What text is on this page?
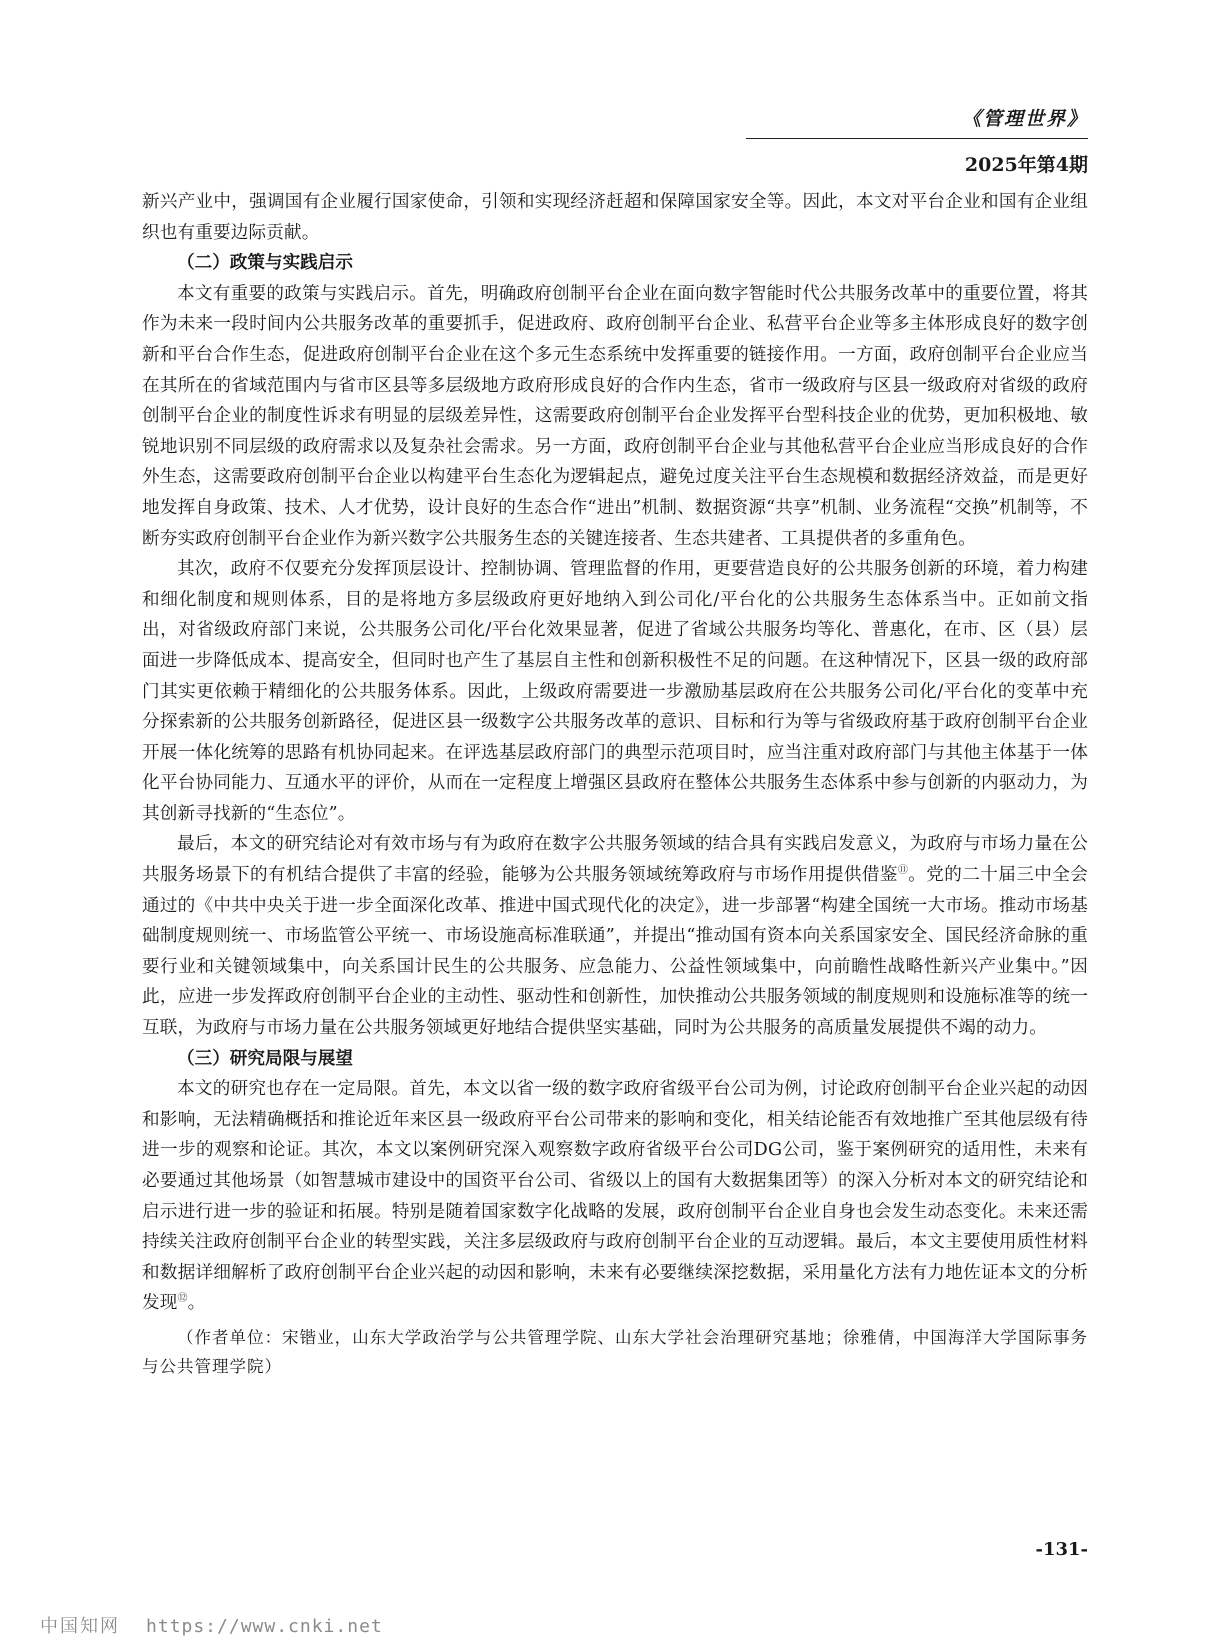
《管理世界》
2025年第4期

新兴产业中，强调国有企业履行国家使命，引领和实现经济赶超和保障国家安全等。因此，本文对平台企业和国有企业组织也有重要边际贡献。

（二）政策与实践启示

本文有重要的政策与实践启示。首先，明确政府创制平台企业在面向数字智能时代公共服务改革中的重要位置，将其作为未来一段时间内公共服务改革的重要抓手，促进政府、政府创制平台企业、私营平台企业等多主体形成良好的数字创新和平台合作生态，促进政府创制平台企业在这个多元生态系统中发挥重要的链接作用。一方面，政府创制平台企业应当在其所在的省域范围内与省市区县等多层级地方政府形成良好的合作内生态，省市一级政府与区县一级政府对省级的政府创制平台企业的制度性诉求有明显的层级差异性，这需要政府创制平台企业发挥平台型科技企业的优势，更加积极地、敏锐地识别不同层级的政府需求以及复杂社会需求。另一方面，政府创制平台企业与其他私营平台企业应当形成良好的合作外生态，这需要政府创制平台企业以构建平台生态化为逻辑起点，避免过度关注平台生态规模和数据经济效益，而是更好地发挥自身政策、技术、人才优势，设计良好的生态合作“进出”机制、数据资源“共享”机制、业务流程“交换”机制等，不断夯实政府创制平台企业作为新兴数字公共服务生态的关键连接者、生态共建者、工具提供者的多重角色。

其次，政府不仅要充分发挥顶层设计、控制协调、管理监督的作用，更要营造良好的公共服务创新的环境，着力构建和细化制度和规则体系，目的是将地方多层级政府更好地纳入到公司化/平台化的公共服务生态体系当中。正如前文指出，对省级政府部门来说，公共服务公司化/平台化效果显著，促进了省域公共服务均等化、普惠化，在市、区（县）层面进一步降低成本、提高安全，但同时也产生了基层自主性和创新积极性不足的问题。在这种情况下，区县一级的政府部门其实更依赖于精细化的公共服务体系。因此，上级政府需要进一步激励基层政府在公共服务公司化/平台化的变革中充分探索新的公共服务创新路径，促进区县一级数字公共服务改革的意识、目标和行为等与省级政府基于政府创制平台企业开展一体化统筹的思路有机协同起来。在评选基层政府部门的典型示范项目时，应当注重对政府部门与其他主体基于一体化平台协同能力、互通水平的评价，从而在一定程度上增强区县政府在整体公共服务生态体系中参与创新的内驱动力，为其创新寻找新的“生态位”。

最后，本文的研究结论对有效市场与有为政府在数字公共服务领域的结合具有实践启发意义，为政府与市场力量在公共服务场景下的有机结合提供了丰富的经验，能够为公共服务领域统筹政府与市场作用提供借鉴⑪。党的二十届三中全会通过的《中共中央关于进一步全面深化改革、推进中国式现代化的决定》，进一步部署“构建全国统一大市场。推动市场基础制度规则统一、市场监管公平统一、市场设施高标准联通”，并提出“推动国有资本向关系国家安全、国民经济命脉的重要行业和关键领域集中，向关系国计民生的公共服务、应急能力、公益性领域集中，向前瞻性战略性新兴产业集中。”因此，应进一步发挥政府创制平台企业的主动性、驱动性和创新性，加快推动公共服务领域的制度规则和设施标准等的统一互联，为政府与市场力量在公共服务领域更好地结合提供坚实基础，同时为公共服务的高质量发展提供不竭的动力。

（三）研究局限与展望

本文的研究也存在一定局限。首先，本文以省一级的数字政府省级平台公司为例，讨论政府创制平台企业兴起的动因和影响，无法精确概括和推论近年来区县一级政府平台公司带来的影响和变化，相关结论能否有效地推广至其他层级有待进一步的观察和论证。其次，本文以案例研究深入观察数字政府省级平台公司DG公司，鉴于案例研究的适用性，未来有必要通过其他场景（如智慧城市建设中的国资平台公司、省级以上的国有大数据集团等）的深入分析对本文的研究结论和启示进行进一步的验证和拓展。特别是随着国家数字化战略的发展，政府创制平台企业自身也会发生动态变化。未来还需持续关注政府创制平台企业的转型实践，关注多层级政府与政府创制平台企业的互动逻辑。最后，本文主要使用质性材料和数据详细解析了政府创制平台企业兴起的动因和影响，未来有必要继续深挖数据，采用量化方法有力地佐证本文的分析发现⑫。

（作者单位：宋锴业，山东大学政治学与公共管理学院、山东大学社会治理研究基地；徐雅倩，中国海洋大学国际事务与公共管理学院）

-131-
中国知网 https://www.cnki.net
